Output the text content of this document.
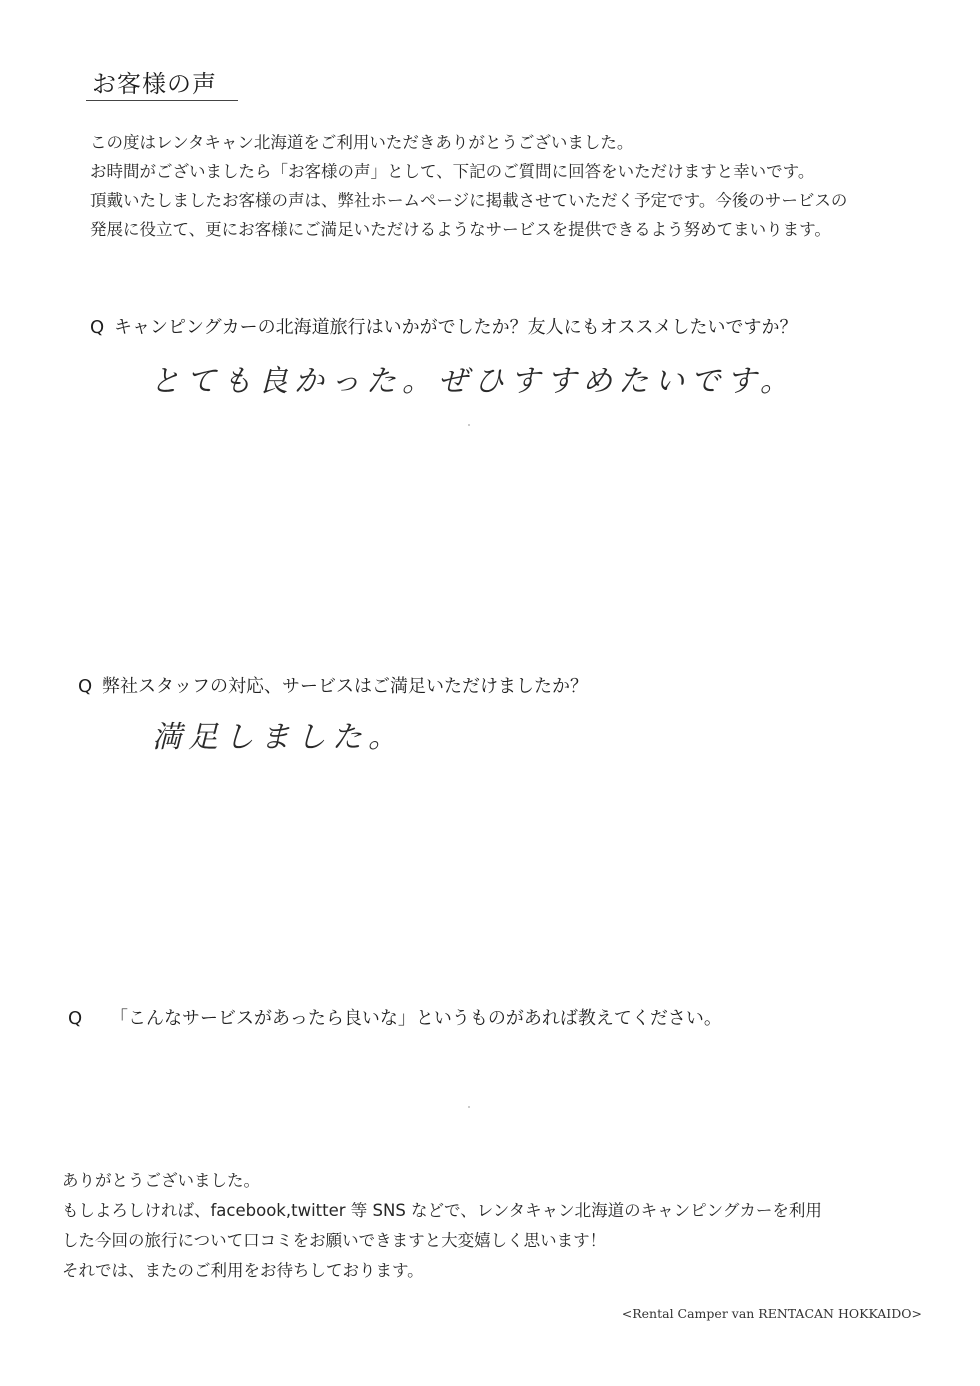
お客様の声
この度はレンタキャン北海道をご利用いただきありがとうございました。
お時間がございましたら「お客様の声」として、下記のご質問に回答をいただけますと幸いです。
頂戴いたしましたお客様の声は、弊社ホームページに掲載させていただく予定です。今後のサービスの
発展に役立て、更にお客様にご満足いただけるようなサービスを提供できるよう努めてまいります。
Q キャンピングカーの北海道旅行はいかがでしたか？友人にもオススメしたいですか？
とても良かった。ぜひすすめたいです。
Q 弊社スタッフの対応、サービスはご満足いただけましたか？
満足しました。
Q 「こんなサービスがあったら良いな」というものがあれば教えてください。
ありがとうございました。
もしよろしければ、facebook,twitter 等 SNS などで、レンタキャン北海道のキャンピングカーを利用
した今回の旅行について口コミをお願いできますと大変嬉しく思います！
それでは、またのご利用をお待ちしております。
<Rental Camper van RENTACAN HOKKAIDO>
